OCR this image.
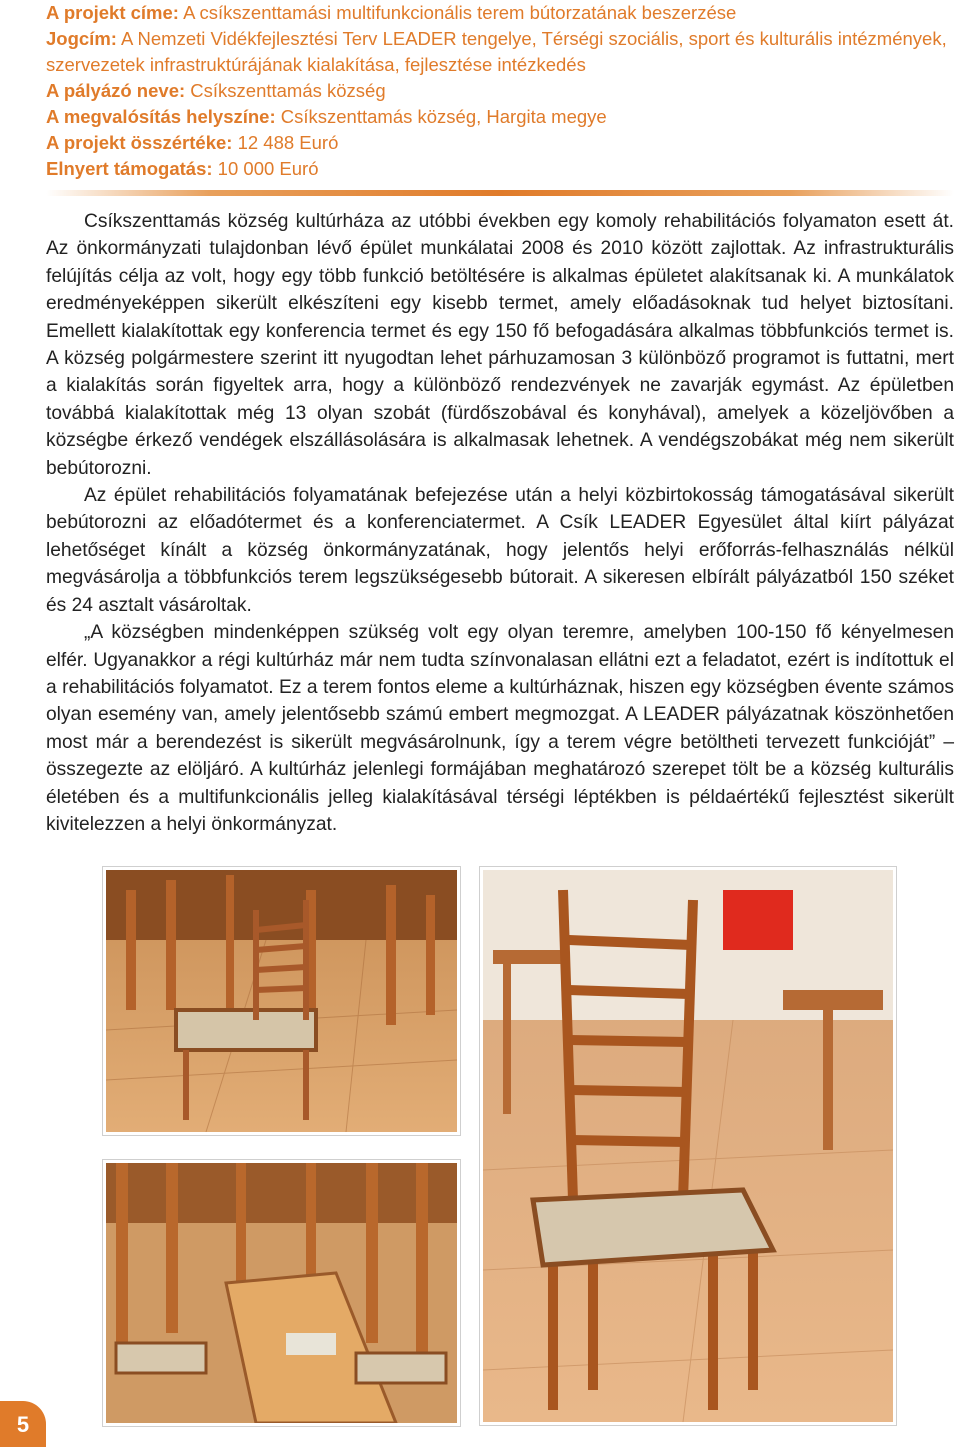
A projekt címe: A csíkszenttamási multifunkcionális terem bútorzatának beszerzése
Jogcím: A Nemzeti Vidékfejlesztési Terv LEADER tengelye, Térségi szociális, sport és kulturális intézmények, szervezetek infrastruktúrájának kialakítása, fejlesztése intézkedés
A pályázó neve: Csíkszenttamás község
A megvalósítás helyszíne: Csíkszenttamás község, Hargita megye
A projekt összértéke: 12 488 Euró
Elnyert támogatás: 10 000 Euró

Csíkszenttamás község kultúrháza az utóbbi években egy komoly rehabilitációs folyamaton esett át. Az önkormányzati tulajdonban lévő épület munkálatai 2008 és 2010 között zajlottak. Az infrastrukturális felújítás célja az volt, hogy egy több funkció betöltésére is alkalmas épületet alakítsanak ki. A munkálatok eredményeképpen sikerült elkészíteni egy kisebb termet, amely előadásoknak tud helyet biztosítani. Emellett kialakítottak egy konferencia termet és egy 150 fő befogadására alkalmas többfunkciós termet is. A község polgármestere szerint itt nyugodtan lehet párhuzamosan 3 különböző programot is futtatni, mert a kialakítás során figyeltek arra, hogy a különböző rendezvények ne zavarják egymást. Az épületben továbbá kialakítottak még 13 olyan szobát (fürdőszobával és konyhával), amelyek a közeljövőben a községbe érkező vendégek elszállásolására is alkalmasak lehetnek. A vendégszobákat még nem sikerült bebútorozni.

Az épület rehabilitációs folyamatának befejezése után a helyi közbirtokosság támogatásával sikerült bebútorozni az előadótermet és a konferenciatermet. A Csík LEADER Egyesület által kiírt pályázat lehetőséget kínált a község önkormányzatának, hogy jelentős helyi erőforrás-felhasználás nélkül megvásárolja a többfunkciós terem legszükségesebb bútorait. A sikeresen elbírált pályázatból 150 széket és 24 asztalt vásároltak.

„A községben mindenképpen szükség volt egy olyan teremre, amelyben 100-150 fő kényelmesen elfér. Ugyanakkor a régi kultúrház már nem tudta színvonalasan ellátni ezt a feladatot, ezért is indítottuk el a rehabilitációs folyamatot. Ez a terem fontos eleme a kultúrháznak, hiszen egy községben évente számos olyan esemény van, amely jelentősebb számú embert megmozgat. A LEADER pályázatnak köszönhetően most már a berendezést is sikerült megvásárolnunk, így a terem végre betöltheti tervezett funkcióját” – összegezte az elöljáró. A kultúrház jelenlegi formájában meghatározó szerepet tölt be a község kulturális életében és a multifunkcionális jelleg kialakításával térségi léptékben is példaértékű fejlesztést sikerült kivitelezzen a helyi önkormányzat.

5
